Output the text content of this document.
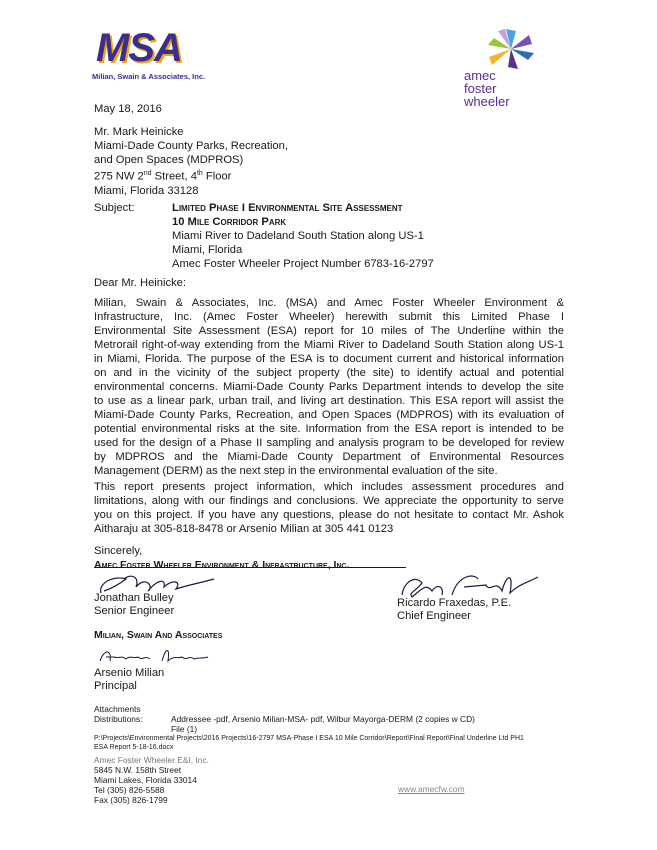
MSA
Milian, Swain & Associates, Inc.	amec
foster
wheeler
May 18, 2016
Mr. Mark Heinicke
Miami-Dade County Parks, Recreation,
and Open Spaces (MDPROS)
275 NW 2nd Street, 4th Floor
Miami, Florida 33128
Subject:	Limited Phase I Environmental Site Assessment
10 Mile Corridor Park
Miami River to Dadeland South Station along US-1
Miami, Florida
Amec Foster Wheeler Project Number 6783-16-2797
Dear Mr. Heinicke:
Milian, Swain & Associates, Inc. (MSA) and Amec Foster Wheeler Environment &
Infrastructure, Inc. (Amec Foster Wheeler) herewith submit this Limited Phase I
Environmental Site Assessment (ESA) report for 10 miles of The Underline within the
Metrorail right-of-way extending from the Miami River to Dadeland South Station along US-1
in Miami, Florida. The purpose of the ESA is to document current and historical information
on and in the vicinity of the subject property (the site) to identify actual and potential
environmental concerns. Miami-Dade County Parks Department intends to develop the site
to use as a linear park, urban trail, and living art destination. This ESA report will assist the
Miami-Dade County Parks, Recreation, and Open Spaces (MDPROS) with its evaluation of
potential environmental risks at the site. Information from the ESA report is intended to be
used for the design of a Phase II sampling and analysis program to be developed for review
by MDPROS and the Miami-Dade County Department of Environmental Resources
Management (DERM) as the next step in the environmental evaluation of the site.
This report presents project information, which includes assessment procedures and
limitations, along with our findings and conclusions. We appreciate the opportunity to serve
you on this project. If you have any questions, please do not hesitate to contact Mr. Ashok
Aitharaju at 305-818-8478 or Arsenio Milian at 305 441 0123
Sincerely,
Amec Foster Wheeler Environment & Infrastructure, Inc.
Jonathan Bulley
Senior Engineer
Ricardo Fraxedas, P.E.
Chief Engineer
Milian, Swain And Associates
Arsenio Milian
Principal
Attachments
Distributions:	Addressee -pdf, Arsenio Milian-MSA- pdf, Wilbur Mayorga-DERM (2 copies w CD)
File (1)
P:\Projects\Environmental Projects\2016 Projects\16-2797 MSA-Phase I ESA 10 Mile Corridor\Report\Final Report\Final Underline Ltd PH1
ESA Report 5-18-16.docx
Amec Foster Wheeler E&I, Inc.
5845 N.W. 158th Street
Miami Lakes, Florida 33014
Tel (305) 826-5588
Fax (305) 826-1799
www.amecfw.com
